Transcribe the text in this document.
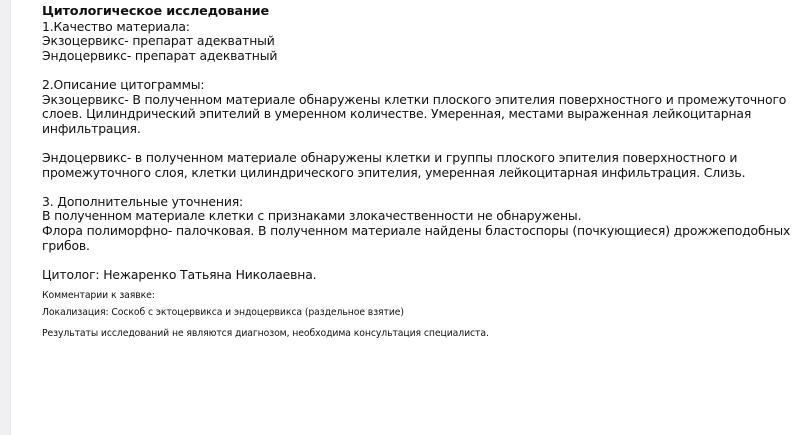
Цитологическое исследование
1.Качество материала:
Экзоцервикс- препарат адекватный
Эндоцервикс- препарат адекватный
2.Описание цитограммы:
Экзоцервикс- В полученном материале обнаружены клетки плоского эпителия поверхностного и промежуточного слоев. Цилиндрический эпителий в умеренном количестве. Умеренная, местами выраженная лейкоцитарная инфильтрация.
Эндоцервикс- в полученном материале обнаружены клетки и группы плоского эпителия поверхностного и промежуточного слоя, клетки цилиндрического эпителия, умеренная лейкоцитарная инфильтрация. Слизь.
3. Дополнительные уточнения:
В полученном материале клетки с признаками злокачественности не обнаружены.
Флора полиморфно- палочковая. В полученном материале найдены бластоспоры (почкующиеся) дрожжеподобных грибов.
Цитолог: Нежаренко Татьяна Николаевна.
Комментарии к заявке:
Локализация: Соскоб с эктоцервикса и эндоцервикса (раздельное взятие)
Результаты исследований не являются диагнозом, необходима консультация специалиста.
